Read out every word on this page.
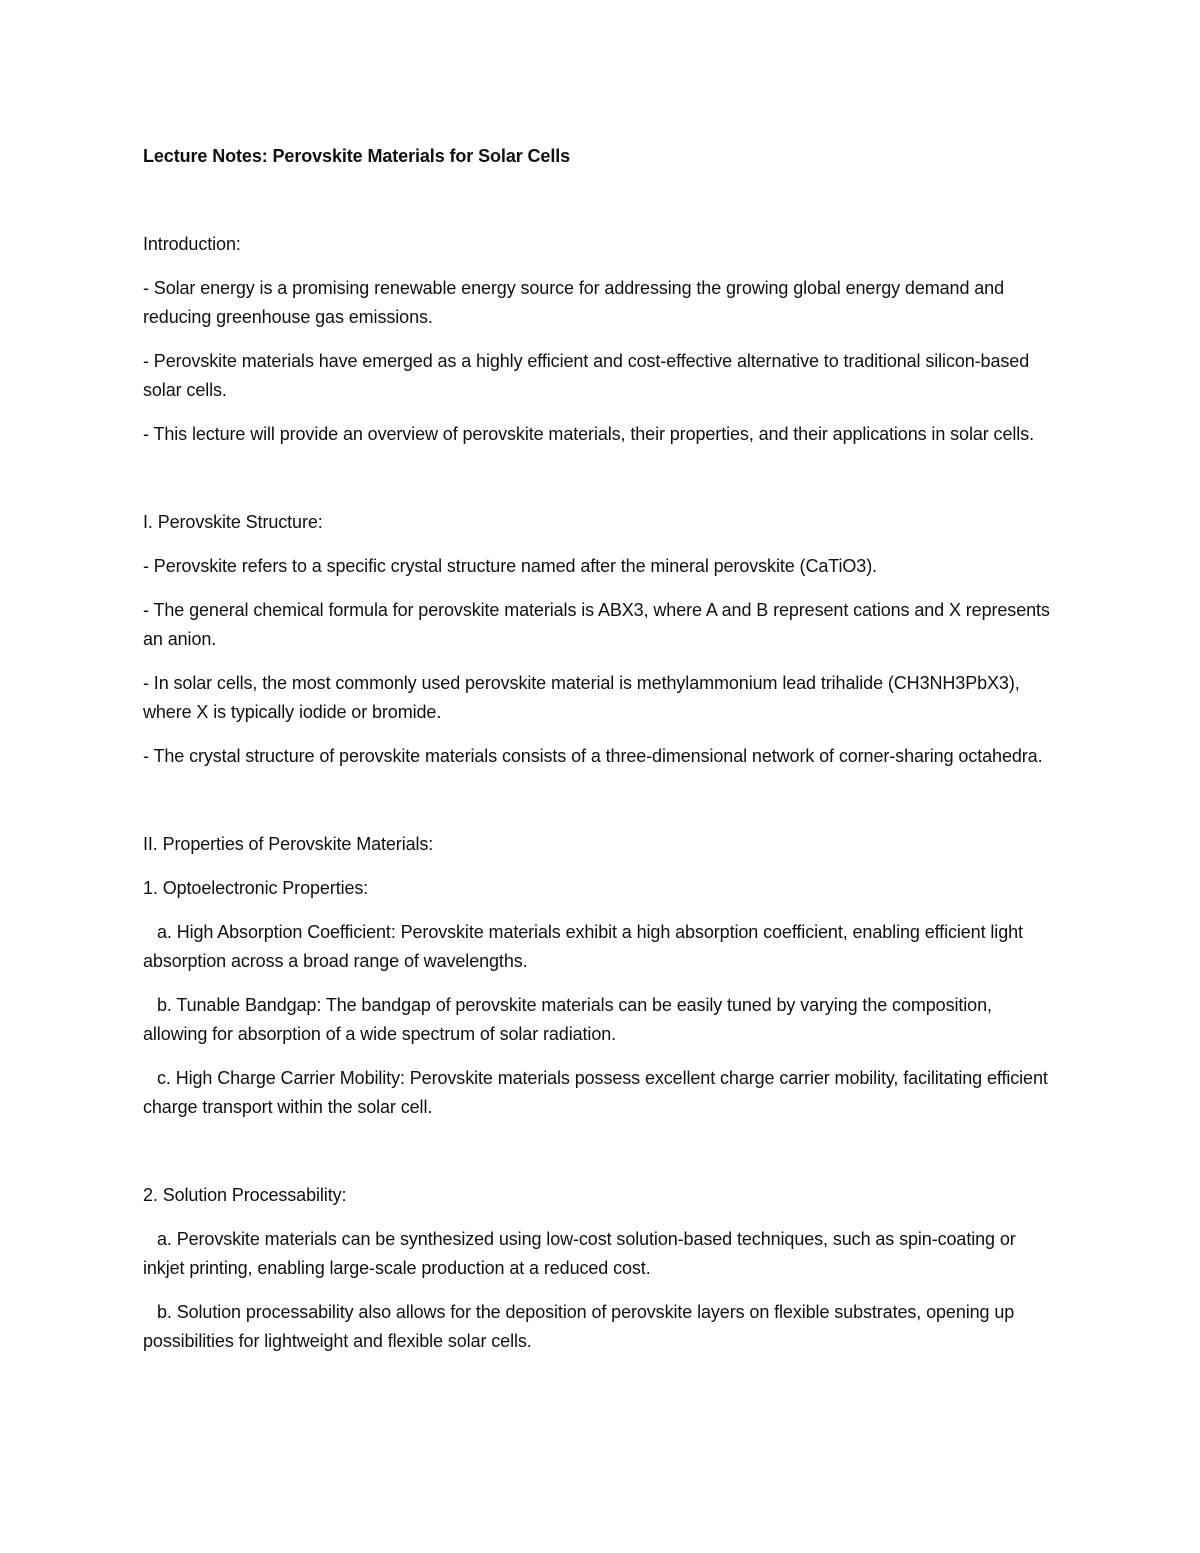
Lecture Notes: Perovskite Materials for Solar Cells
Introduction:
- Solar energy is a promising renewable energy source for addressing the growing global energy demand and reducing greenhouse gas emissions.
- Perovskite materials have emerged as a highly efficient and cost-effective alternative to traditional silicon-based solar cells.
- This lecture will provide an overview of perovskite materials, their properties, and their applications in solar cells.
I. Perovskite Structure:
- Perovskite refers to a specific crystal structure named after the mineral perovskite (CaTiO3).
- The general chemical formula for perovskite materials is ABX3, where A and B represent cations and X represents an anion.
- In solar cells, the most commonly used perovskite material is methylammonium lead trihalide (CH3NH3PbX3), where X is typically iodide or bromide.
- The crystal structure of perovskite materials consists of a three-dimensional network of corner-sharing octahedra.
II. Properties of Perovskite Materials:
1. Optoelectronic Properties:
a. High Absorption Coefficient: Perovskite materials exhibit a high absorption coefficient, enabling efficient light absorption across a broad range of wavelengths.
b. Tunable Bandgap: The bandgap of perovskite materials can be easily tuned by varying the composition, allowing for absorption of a wide spectrum of solar radiation.
c. High Charge Carrier Mobility: Perovskite materials possess excellent charge carrier mobility, facilitating efficient charge transport within the solar cell.
2. Solution Processability:
a. Perovskite materials can be synthesized using low-cost solution-based techniques, such as spin-coating or inkjet printing, enabling large-scale production at a reduced cost.
b. Solution processability also allows for the deposition of perovskite layers on flexible substrates, opening up possibilities for lightweight and flexible solar cells.
